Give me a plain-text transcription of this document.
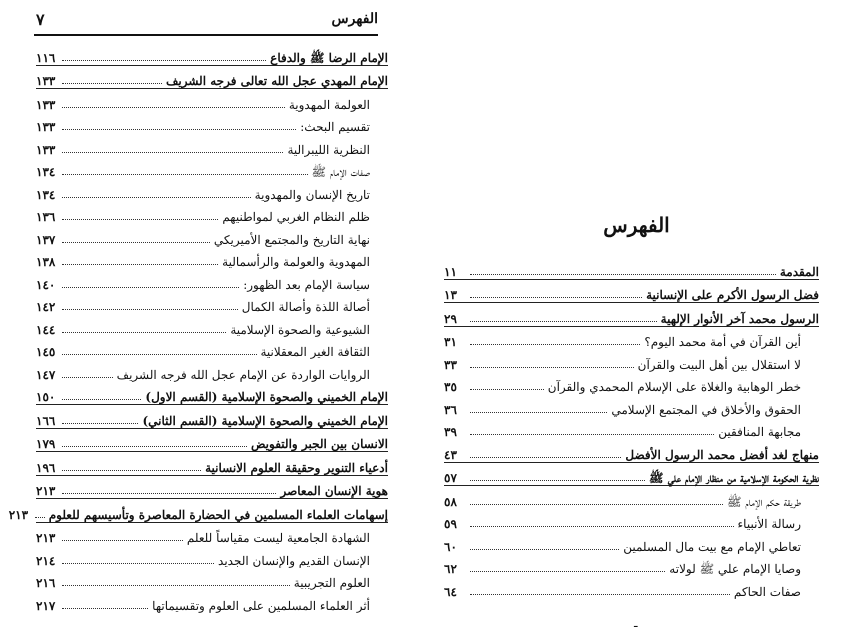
٧	الفهرس
الإمام الرضا ﷺ والدفاع
١١٦
الإمام المهدي عجل الله تعالى فرجه الشريف
١٣٣
العولمة المهدوية
١٣٣
تقسيم البحث:
١٣٣
النظرية الليبرالية
١٣٣
صفات الإمام ﷺ
١٣٤
تاريخ الإنسان والمهدوية
١٣٤
ظلم النظام الغربي لمواطنيهم
١٣٦
نهاية التاريخ والمجتمع الأميريكي
١٣٧
المهدوية والعولمة والرأسمالية
١٣٨
سياسة الإمام بعد الظهور:
١٤٠
أصالة اللذة وأصالة الكمال
١٤٢
الشيوعية والصحوة الإسلامية
١٤٤
الثقافة الغير المعقلانية
١٤٥
الروايات الواردة عن الإمام عجل الله فرجه الشريف
١٤٧
الإمام الخميني والصحوة الإسلامية (القسم الاول)
١٥٠
الإمام الخميني والصحوة الإسلامية (القسم الثاني)
١٦٦
الانسان بين الجبر والتفويض
١٧٩
أدعياء التنوير وحقيقة العلوم الانسانية
١٩٦
هوية الإنسان المعاصر
٢١٣
إسهامات العلماء المسلمين في الحضارة المعاصرة وتأسيسهم للعلوم
٢١٣
الشهادة الجامعية ليست مقياساً للعلم
٢١٣
الإنسان القديم والإنسان الجديد
٢١٤
العلوم التجريبية
٢١٦
أثر العلماء المسلمين على العلوم وتقسيماتها
٢١٧
الفهرس
المقدمة
١١
فضل الرسول الأكرم على الإنسانية
١٣
الرسول محمد آخر الأنوار الإلهية
٢٩
أين القرآن في أمة محمد اليوم؟
٣١
لا استقلال بين أهل البيت والقرآن
٣٣
خطر الوهابية والغلاة على الإسلام المحمدي والقرآن
٣٥
الحقوق والأخلاق في المجتمع الإسلامي
٣٦
مجابهة المنافقين
٣٩
منهاج لغد أفضل محمد الرسول الأفضل
٤٣
نظرية الحكومة الإسلامية من منظار الإمام علي ﷺ
٥٧
طريقة حكم الإمام ﷺ
٥٨
رسالة الأنبياء
٥٩
تعاطي الإمام مع بيت مال المسلمين
٦٠
وصايا الإمام علي ﷺ لولاته
٦٢
صفات الحاكم
٦٤
ـ
